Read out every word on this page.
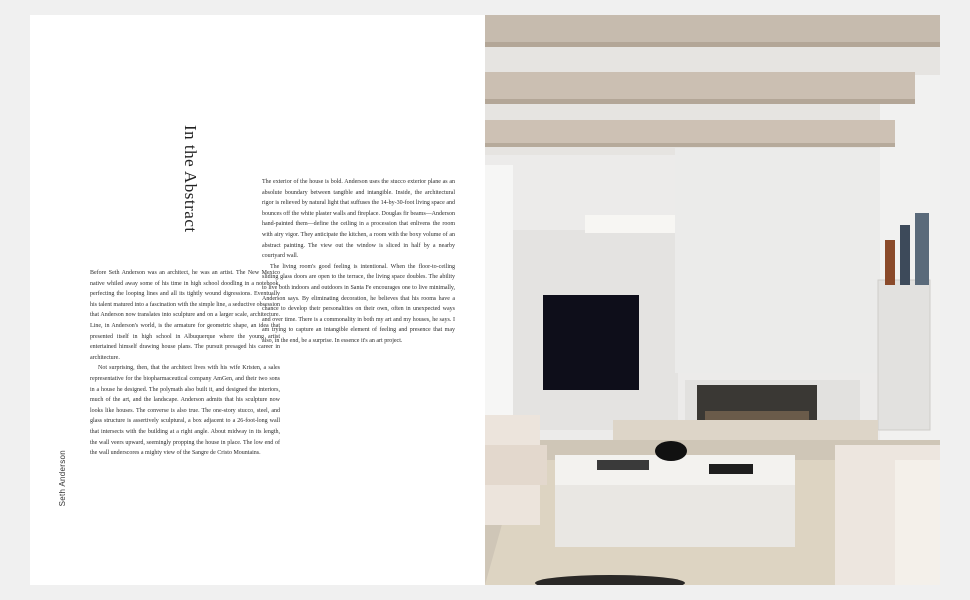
In the Abstract
Seth Anderson

Before Seth Anderson was an architect, he was an artist. The New Mexico native whiled away some of his time in high school doodling in a notebook, perfecting the looping lines and all its tightly wound digressions. Eventually his talent matured into a fascination with the simple line, a seductive obsession that Anderson now translates into sculpture and on a larger scale, architecture. Line, in Anderson's world, is the armature for geometric shape, an idea that presented itself in high school in Albuquerque where the young artist entertained himself drawing house plans. The pursuit presaged his career in architecture.

Not surprising, then, that the architect lives with his wife Kristen, a sales representative for the biopharmaceutical company AmGen, and their two sons in a house he designed. The polymath also built it, and designed the interiors, much of the art, and the landscape. Anderson admits that his sculpture now looks like houses. The converse is also true. The one-story stucco, steel, and glass structure is assertively sculptural, a box adjacent to a 26-foot-long wall that intersects with the building at a right angle. About midway in its length, the wall veers upward, seemingly propping the house in place. The low end of the wall underscores a mighty view of the Sangre de Cristo Mountains.

The exterior of the house is bold. Anderson uses the stucco exterior plane as an absolute boundary between tangible and intangible. Inside, the architectural rigor is relieved by natural light that suffuses the 14-by-30-foot living space and bounces off the white plaster walls and fireplace. Douglas fir beams—Anderson hand-painted them—define the ceiling in a procession that enlivens the room with airy vigor. They anticipate the kitchen, a room with the boxy volume of an abstract painting. The view out the window is sliced in half by a nearby courtyard wall.

The living room's good feeling is intentional. When the floor-to-ceiling sliding glass doors are open to the terrace, the living space doubles. The ability to live both indoors and outdoors in Santa Fe encourages one to live minimally, Anderson says. By eliminating decoration, he believes that his rooms have a chance to develop their personalities on their own, often in unexpected ways and over time. There is a commonality in both my art and my houses, he says. I am trying to capture an intangible element of feeling and presence that may also, in the end, be a surprise. In essence it's an art project.
